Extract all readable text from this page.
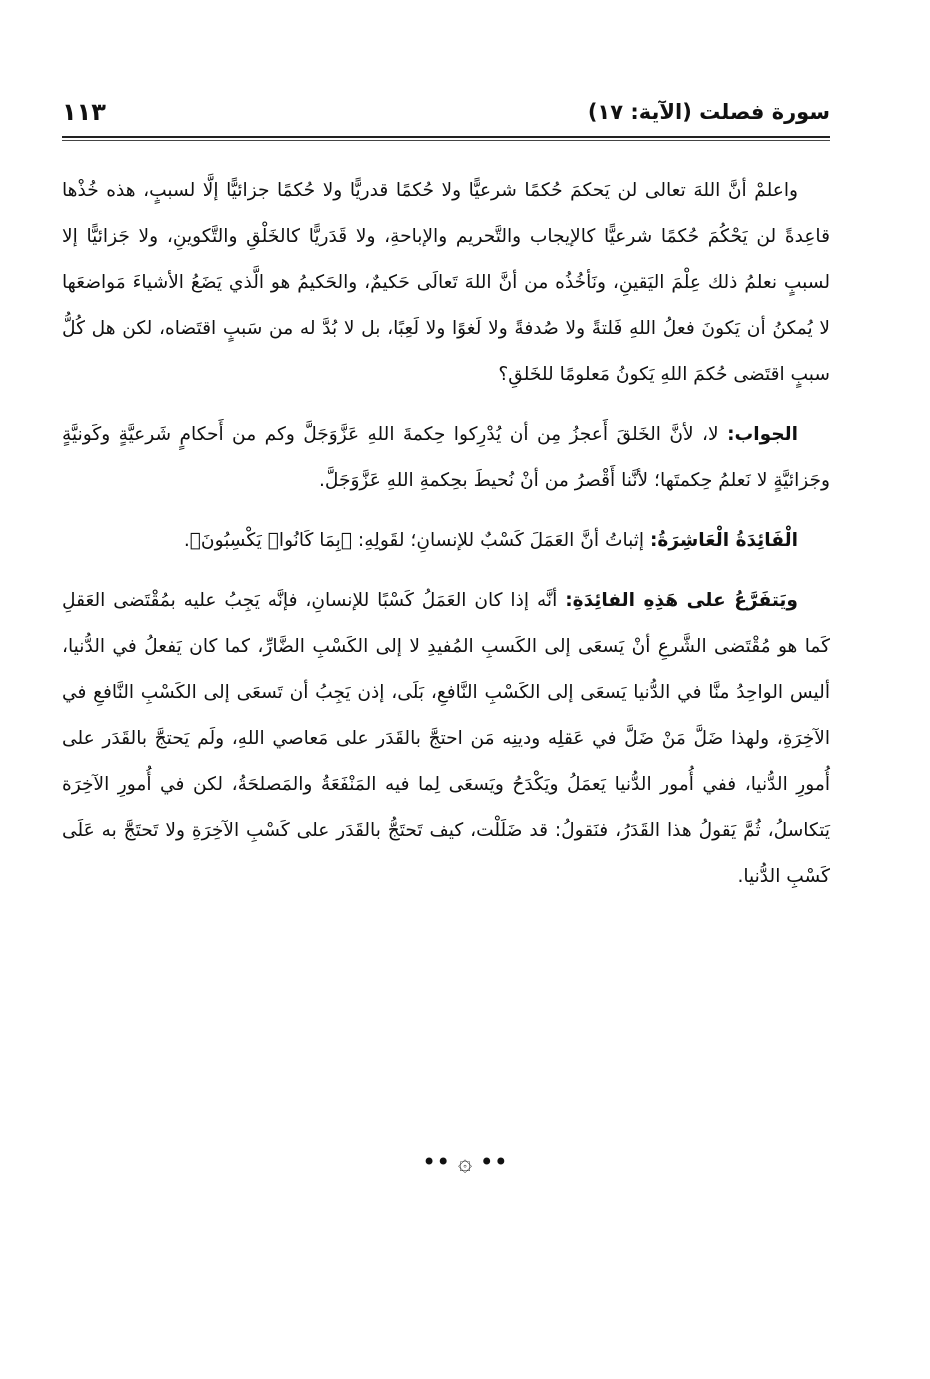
سورة فصلت (الآية: ١٧)
١١٣

واعلمْ أنَّ اللهَ تعالى لن يَحكمَ حُكمًا شرعيًّا ولا حُكمًا قدريًّا ولا حُكمًا جزائيًّا إلَّا لسببٍ، هذه خُذْها قاعِدةً لن يَحْكُمَ حُكمًا شرعيًّا كالإيجاب والتَّحريم والإباحةِ، ولا قَدَريًّا كالخَلْقِ والتَّكوينِ، ولا جَزائيًّا إلا لسببٍ نعلمُ ذلك عِلْمَ اليَقينِ، ونَأخُذُه من أنَّ اللهَ تَعالَى حَكيمٌ، والحَكيمُ هو الَّذي يَضَعُ الأشياءَ مَواضعَها لا يُمكنُ أن يَكونَ فعلُ اللهِ فَلتةً ولا صُدفةً ولا لَغوًا ولا لَعِبًا، بل لا بُدَّ له من سَببٍ اقتَضاه، لكن هل كُلُّ سببٍ اقتَضى حُكمَ اللهِ يَكونُ مَعلومًا للخَلقِ؟

الجواب: لا، لأنَّ الخَلقَ أَعجزُ مِن أن يُدْرِكوا حِكمةَ اللهِ عَزَّوَجَلَّ وكم من أَحكامٍ شَرعيَّةٍ وكَونيَّةٍ وجَزائيَّةٍ لا نَعلمُ حِكمتَها؛ لأنَّنا أَقْصرُ من أنْ نُحيطَ بحِكمةِ اللهِ عَزَّوَجَلَّ.

الْفَائِدَةُ الْعَاشِرَةُ: إثباتُ أنَّ العَمَلَ كَسْبٌ للإنسانِ؛ لقَولِهِ: ﴿بِمَا كَانُوا۟ يَكْسِبُونَ﴾.

ويَتفَرَّعُ على هَذِهِ الفائِدَةِ: أنَّه إذا كان العَمَلُ كَسْبًا للإنسانِ، فإنَّه يَجِبُ عليه بمُقْتَضى العَقلِ كَما هو مُقْتَضى الشَّرعِ أنْ يَسعَى إلى الكَسبِ المُفيدِ لا إلى الكَسْبِ الضَّارِّ، كما كان يَفعلُ في الدُّنيا، أليس الواحِدُ منَّا في الدُّنيا يَسعَى إلى الكَسْبِ النَّافعِ، بَلَى، إذن يَجِبُ أن تَسعَى إلى الكَسْبِ النَّافعِ في الآخِرَةِ، ولهذا ضَلَّ مَنْ ضَلَّ في عَقلِه ودينِه مَن احتجَّ بالقَدَر على مَعاصي اللهِ، ولَم يَحتجَّ بالقَدَر على أُمورِ الدُّنيا، ففي أُمور الدُّنيا يَعمَلُ ويَكْدَحُ ويَسعَى لِما فيه المَنْفَعَةُ والمَصلحَةُ، لكن في أُمورِ الآخِرَة يَتكاسلُ، ثُمَّ يَقولُ هذا القَدَرُ، فنَقولُ: قد ضَلَلْت، كيف تَحتَجُّ بالقَدَر على كَسْبِ الآخِرَةِ ولا تَحتَجَّ به عَلَى كَسْبِ الدُّنيا.

•• ۞ ••
